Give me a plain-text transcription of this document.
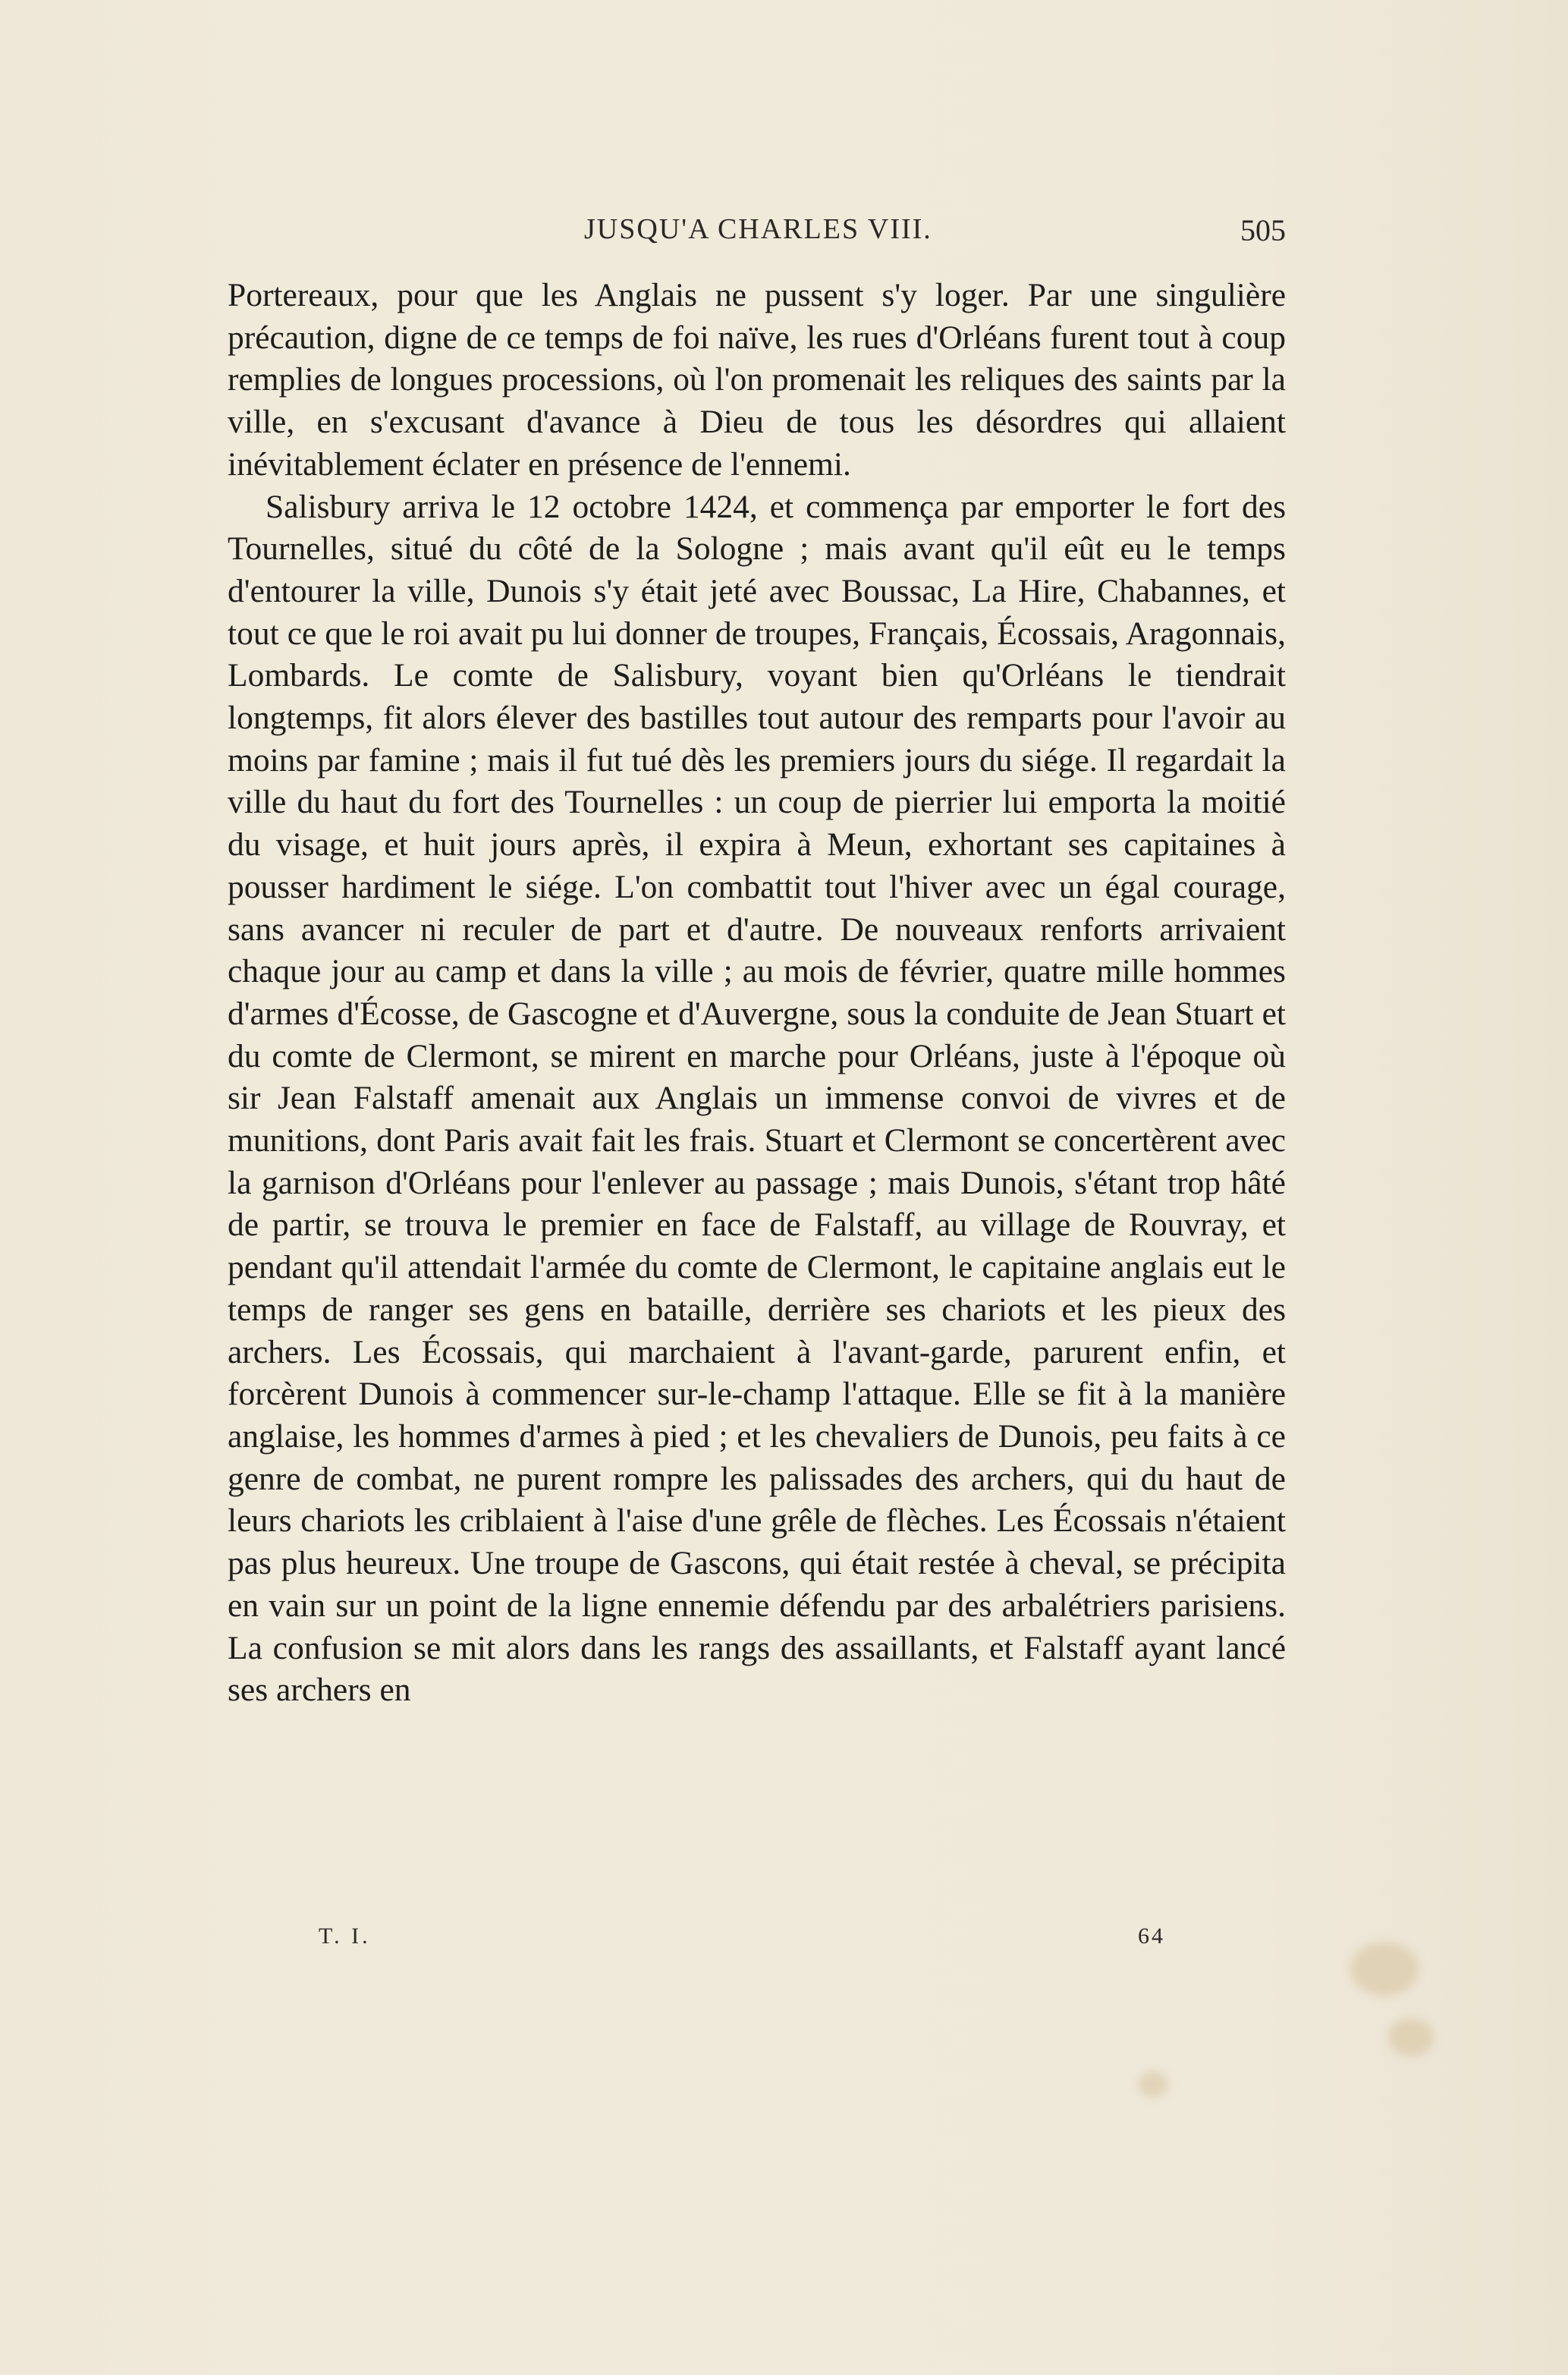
JUSQU'A CHARLES VIII.	505

Portereaux, pour que les Anglais ne pussent s'y loger. Par une singulière précaution, digne de ce temps de foi naïve, les rues d'Orléans furent tout à coup remplies de longues processions, où l'on promenait les reliques des saints par la ville, en s'excusant d'avance à Dieu de tous les désordres qui allaient inévitablement éclater en présence de l'ennemi.

Salisbury arriva le 12 octobre 1424, et commença par emporter le fort des Tournelles, situé du côté de la Sologne ; mais avant qu'il eût eu le temps d'entourer la ville, Dunois s'y était jeté avec Boussac, La Hire, Chabannes, et tout ce que le roi avait pu lui donner de troupes, Français, Écossais, Aragonnais, Lombards. Le comte de Salisbury, voyant bien qu'Orléans le tiendrait longtemps, fit alors élever des bastilles tout autour des remparts pour l'avoir au moins par famine ; mais il fut tué dès les premiers jours du siége. Il regardait la ville du haut du fort des Tournelles : un coup de pierrier lui emporta la moitié du visage, et huit jours après, il expira à Meun, exhortant ses capitaines à pousser hardiment le siége. L'on combattit tout l'hiver avec un égal courage, sans avancer ni reculer de part et d'autre. De nouveaux renforts arrivaient chaque jour au camp et dans la ville ; au mois de février, quatre mille hommes d'armes d'Écosse, de Gascogne et d'Auvergne, sous la conduite de Jean Stuart et du comte de Clermont, se mirent en marche pour Orléans, juste à l'époque où sir Jean Falstaff amenait aux Anglais un immense convoi de vivres et de munitions, dont Paris avait fait les frais. Stuart et Clermont se concertèrent avec la garnison d'Orléans pour l'enlever au passage ; mais Dunois, s'étant trop hâté de partir, se trouva le premier en face de Falstaff, au village de Rouvray, et pendant qu'il attendait l'armée du comte de Clermont, le capitaine anglais eut le temps de ranger ses gens en bataille, derrière ses chariots et les pieux des archers. Les Écossais, qui marchaient à l'avant-garde, parurent enfin, et forcèrent Dunois à commencer sur-le-champ l'attaque. Elle se fit à la manière anglaise, les hommes d'armes à pied ; et les chevaliers de Dunois, peu faits à ce genre de combat, ne purent rompre les palissades des archers, qui du haut de leurs chariots les criblaient à l'aise d'une grêle de flèches. Les Écossais n'étaient pas plus heureux. Une troupe de Gascons, qui était restée à cheval, se précipita en vain sur un point de la ligne ennemie défendu par des arbalétriers parisiens. La confusion se mit alors dans les rangs des assaillants, et Falstaff ayant lancé ses archers en

T. I.	64
